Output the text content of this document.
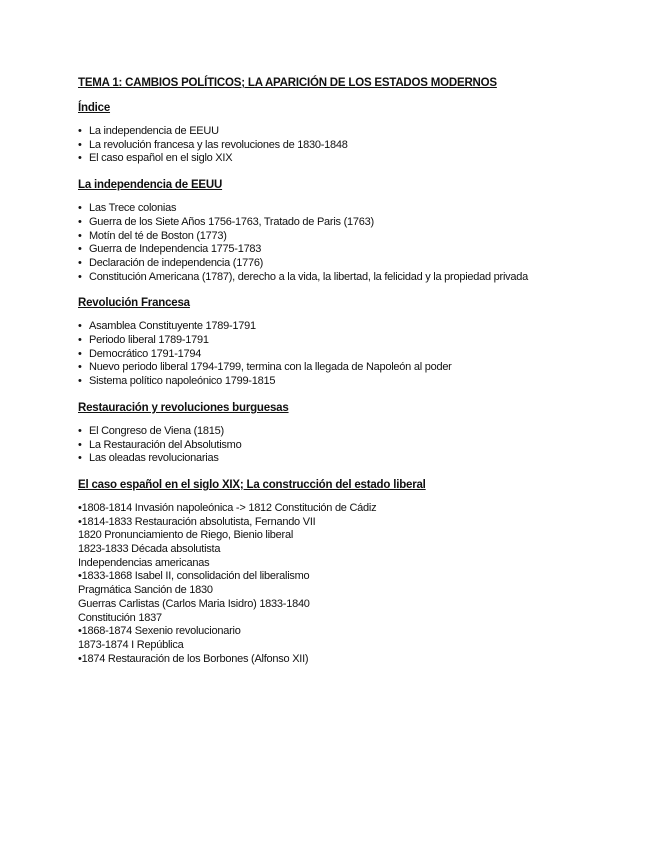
TEMA 1: CAMBIOS POLÍTICOS; LA APARICIÓN DE LOS ESTADOS MODERNOS

Índice

• La independencia de EEUU
• La revolución francesa y las revoluciones de 1830-1848
• El caso español en el siglo XIX

La independencia de EEUU

• Las Trece colonias
• Guerra de los Siete Años 1756-1763, Tratado de Paris (1763)
• Motín del té de Boston (1773)
• Guerra de Independencia 1775-1783
• Declaración de independencia (1776)
• Constitución Americana (1787), derecho a la vida, la libertad, la felicidad y la propiedad privada

Revolución Francesa

• Asamblea Constituyente 1789-1791
• Periodo liberal 1789-1791
• Democrático 1791-1794
• Nuevo periodo liberal 1794-1799, termina con la llegada de Napoleón al poder
• Sistema político napoleónico 1799-1815

Restauración y revoluciones burguesas

• El Congreso de Viena (1815)
• La Restauración del Absolutismo
• Las oleadas revolucionarias

El caso español en el siglo XIX; La construcción del estado liberal

•1808-1814 Invasión napoleónica -> 1812 Constitución de Cádiz
•1814-1833 Restauración absolutista, Fernando VII
1820 Pronunciamiento de Riego, Bienio liberal
1823-1833 Década absolutista
Independencias americanas
•1833-1868 Isabel II, consolidación del liberalismo
Pragmática Sanción de 1830
Guerras Carlistas (Carlos Maria Isidro) 1833-1840
Constitución 1837
•1868-1874 Sexenio revolucionario
1873-1874 I República
•1874 Restauración de los Borbones (Alfonso XII)
